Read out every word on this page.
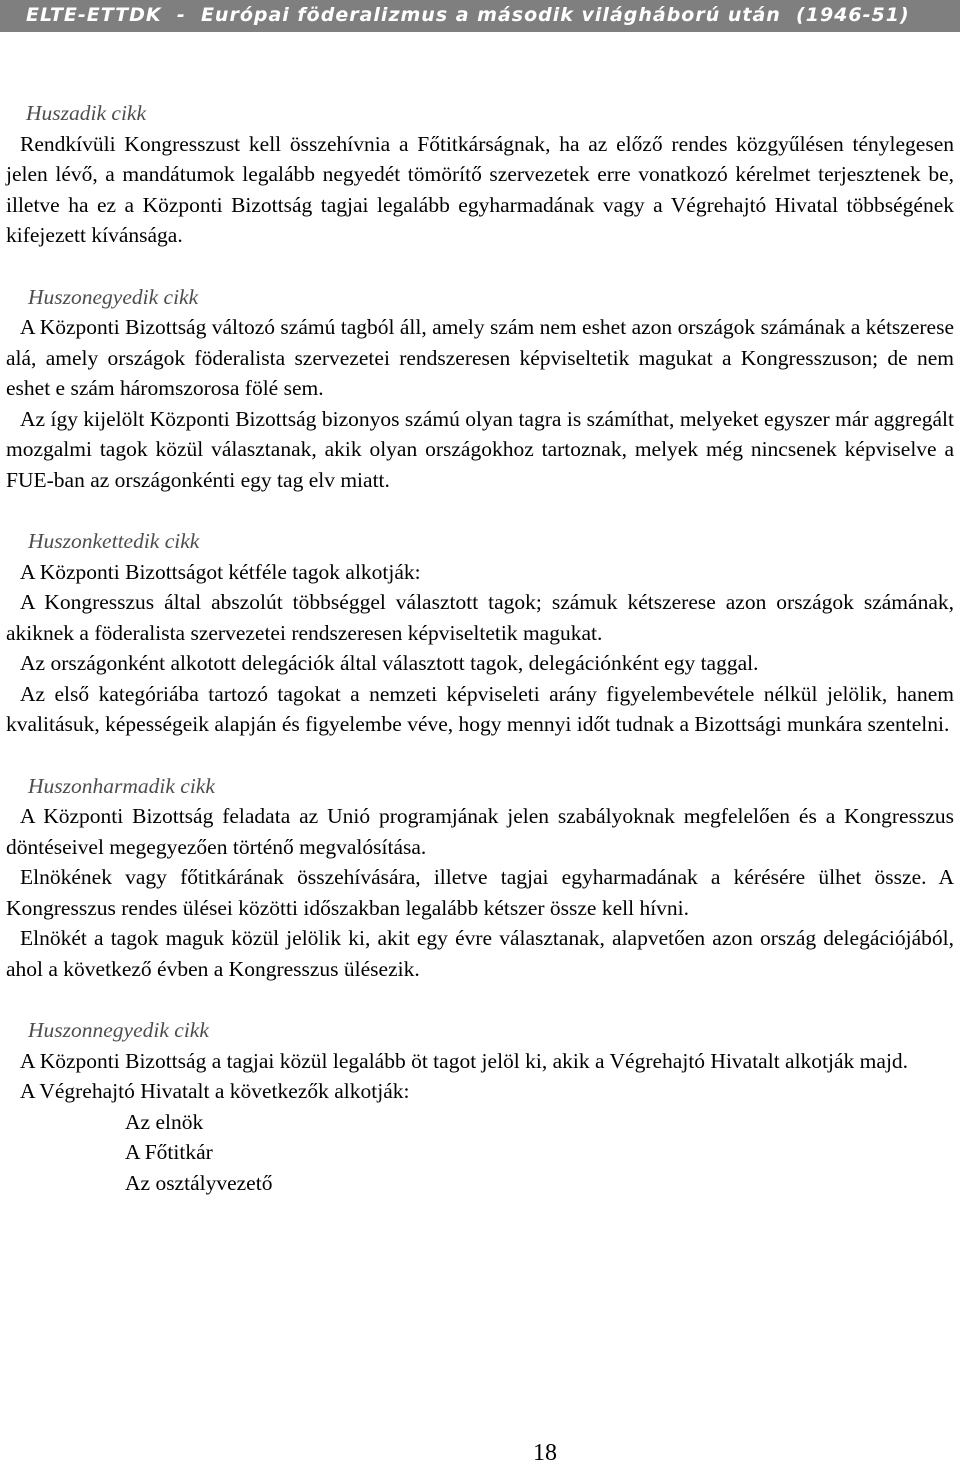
ELTE-ETTDK  -  Európai föderalizmus a második világháború után  (1946-51)

Huszadik cikk

Rendkívüli Kongresszust kell összehívnia a Főtitkárságnak, ha az előző rendes közgyűlésen ténylegesen jelen lévő, a mandátumok legalább negyedét tömörítő szervezetek erre vonatkozó kérelmet terjesztenek be, illetve ha ez a Központi Bizottság tagjai legalább egyharmadának vagy a Végrehajtó Hivatal többségének kifejezett kívánsága.

Huszonegyedik cikk

A Központi Bizottság változó számú tagból áll, amely szám nem eshet azon országok számának a kétszerese alá, amely országok föderalista szervezetei rendszeresen képviseltetik magukat a Kongresszuson; de nem eshet e szám háromszorosa fölé sem.

Az így kijelölt Központi Bizottság bizonyos számú olyan tagra is számíthat, melyeket egyszer már aggregált mozgalmi tagok közül választanak, akik olyan országokhoz tartoznak, melyek még nincsenek képviselve a FUE-ban az országonkénti egy tag elv miatt.

Huszonkettedik cikk

A Központi Bizottságot kétféle tagok alkotják:

A Kongresszus által abszolút többséggel választott tagok; számuk kétszerese azon országok számának, akiknek a föderalista szervezetei rendszeresen képviseltetik magukat.

Az országonként alkotott delegációk által választott tagok, delegációnként egy taggal.

Az első kategóriába tartozó tagokat a nemzeti képviseleti arány figyelembevétele nélkül jelölik, hanem kvalitásuk, képességeik alapján és figyelembe véve, hogy mennyi időt tudnak a Bizottsági munkára szentelni.

Huszonharmadik cikk

A Központi Bizottság feladata az Unió programjának jelen szabályoknak megfelelően és a Kongresszus döntéseivel megegyezően történő megvalósítása.

Elnökének vagy főtitkárának összehívására, illetve tagjai egyharmadának a kérésére ülhet össze. A Kongresszus rendes ülései közötti időszakban legalább kétszer össze kell hívni.

Elnökét a tagok maguk közül jelölik ki, akit egy évre választanak, alapvetően azon ország delegációjából, ahol a következő évben a Kongresszus ülésezik.

Huszonnegyedik cikk

A Központi Bizottság a tagjai közül legalább öt tagot jelöl ki, akik a Végrehajtó Hivatalt alkotják majd.

A Végrehajtó Hivatalt a következők alkotják:

Az elnök

A Főtitkár

Az osztályvezető

18
